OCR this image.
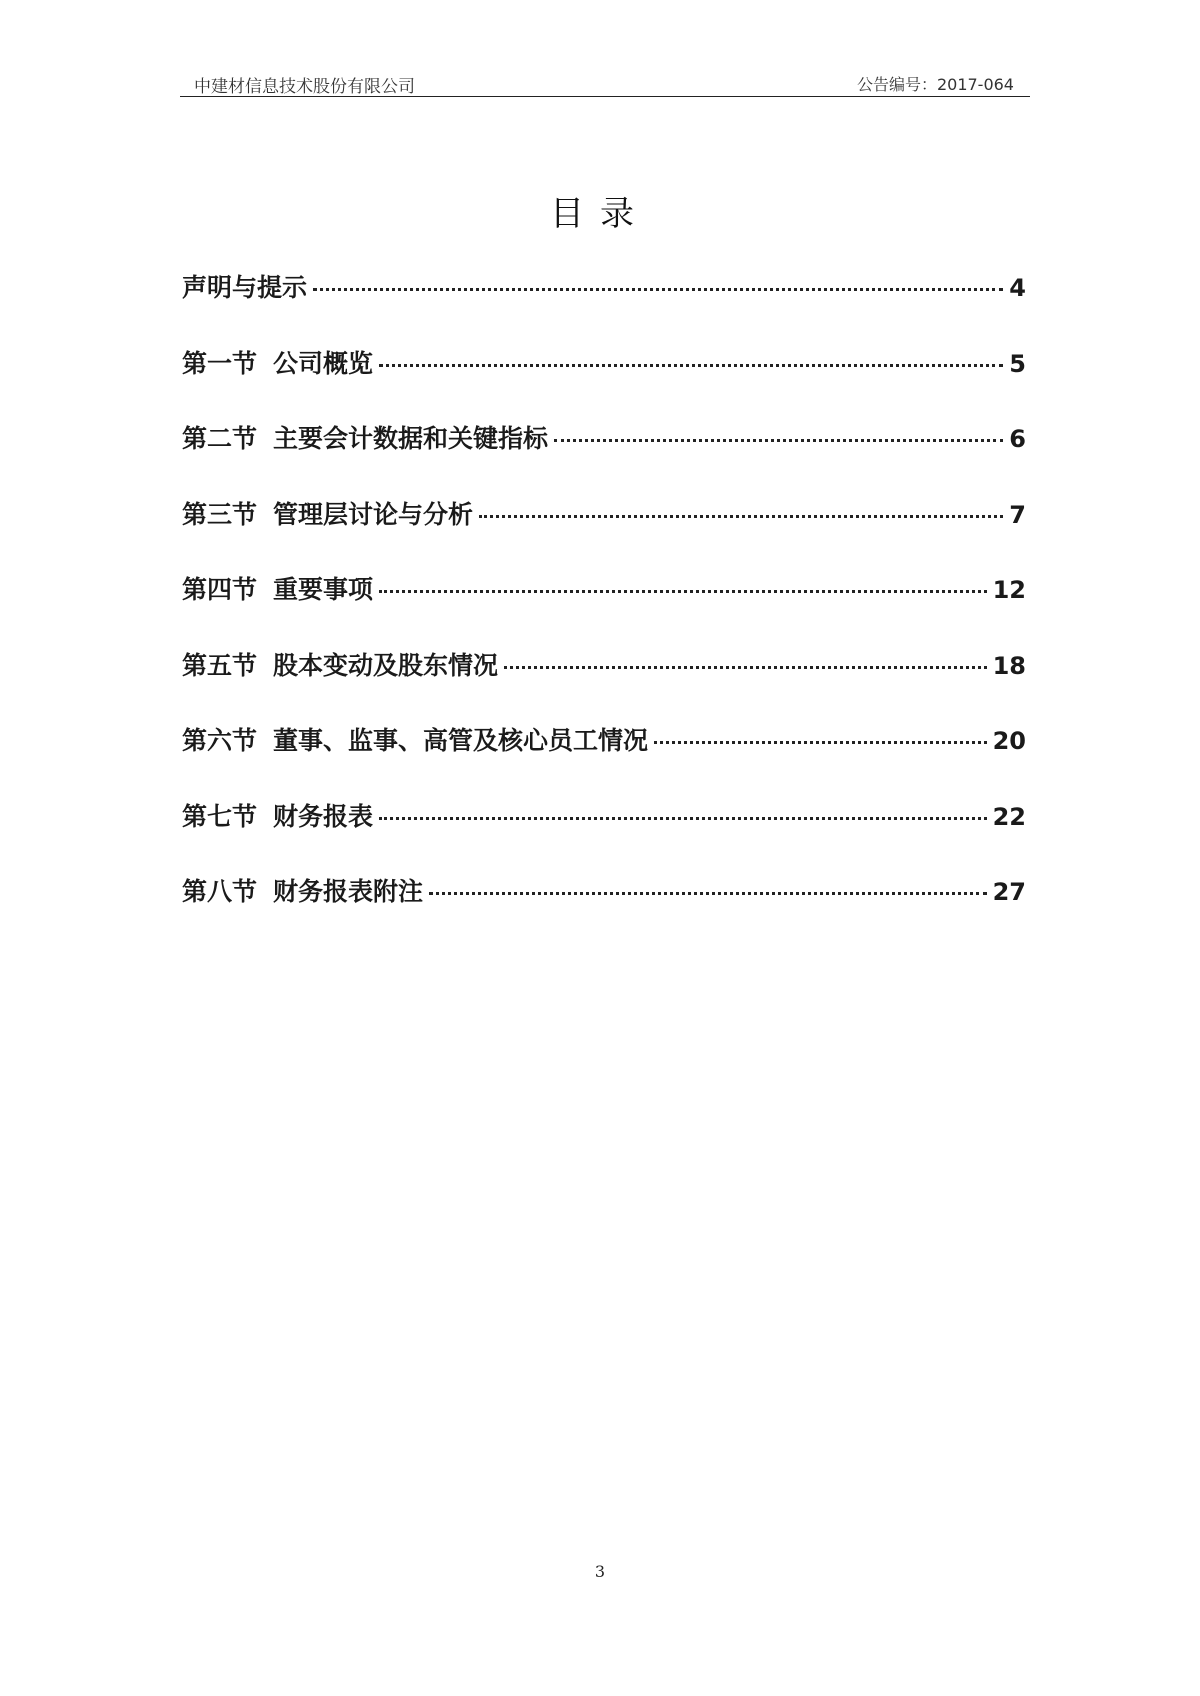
中建材信息技术股份有限公司	公告编号：2017-064
目录
声明与提示	4
第一节 公司概览	5
第二节 主要会计数据和关键指标	6
第三节 管理层讨论与分析	7
第四节 重要事项	12
第五节 股本变动及股东情况	18
第六节 董事、监事、高管及核心员工情况	20
第七节 财务报表	22
第八节 财务报表附注	27
3
